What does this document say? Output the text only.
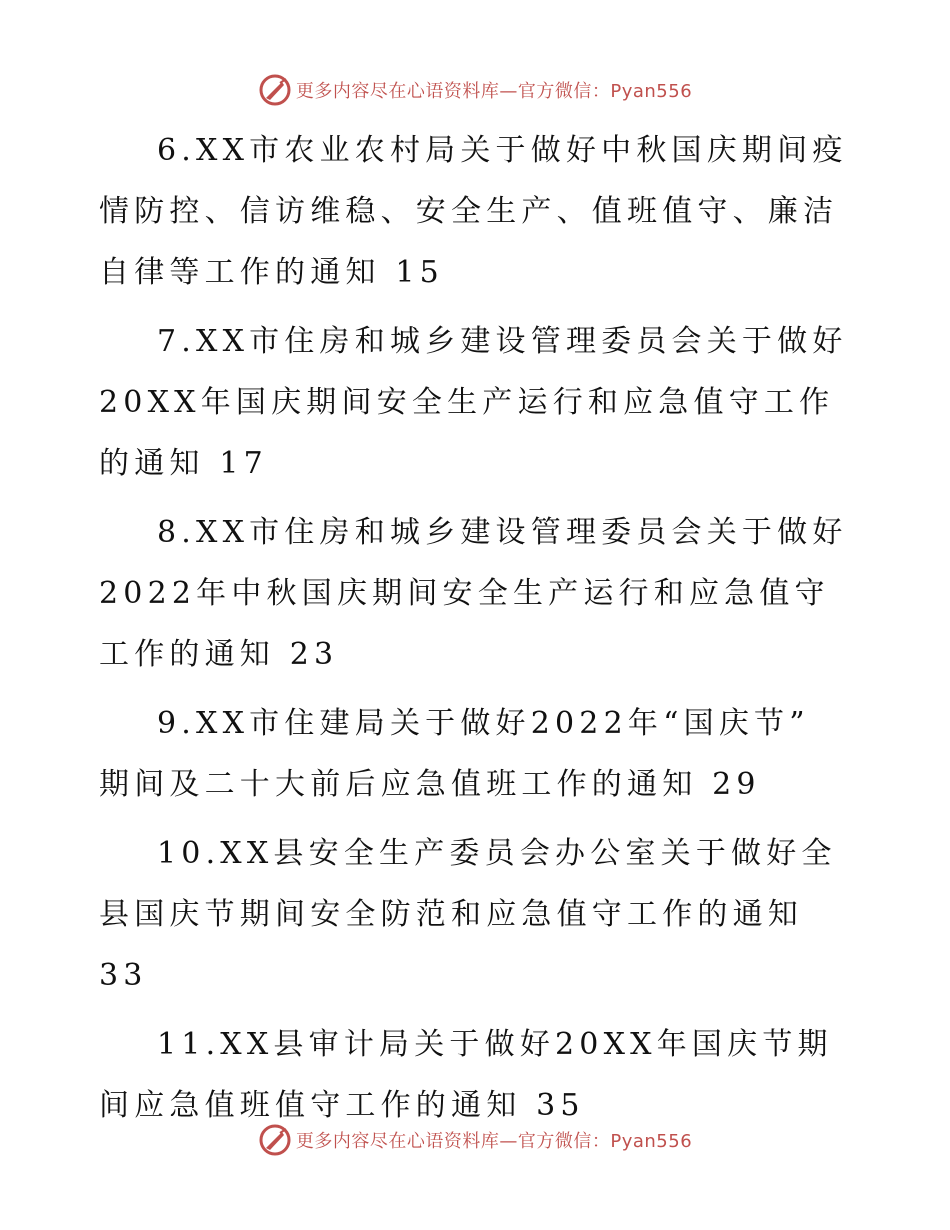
更多内容尽在心语资料库—官方微信：Pyan556

6.XX市农业农村局关于做好中秋国庆期间疫情防控、信访维稳、安全生产、值班值守、廉洁自律等工作的通知 15

7.XX市住房和城乡建设管理委员会关于做好20XX年国庆期间安全生产运行和应急值守工作的通知 17

8.XX市住房和城乡建设管理委员会关于做好2022年中秋国庆期间安全生产运行和应急值守工作的通知 23

9.XX市住建局关于做好2022年“国庆节” 期间及二十大前后应急值班工作的通知 29

10.XX县安全生产委员会办公室关于做好全县国庆节期间安全防范和应急值守工作的通知 33

11.XX县审计局关于做好20XX年国庆节期间应急值班值守工作的通知 35

更多内容尽在心语资料库—官方微信：Pyan556
